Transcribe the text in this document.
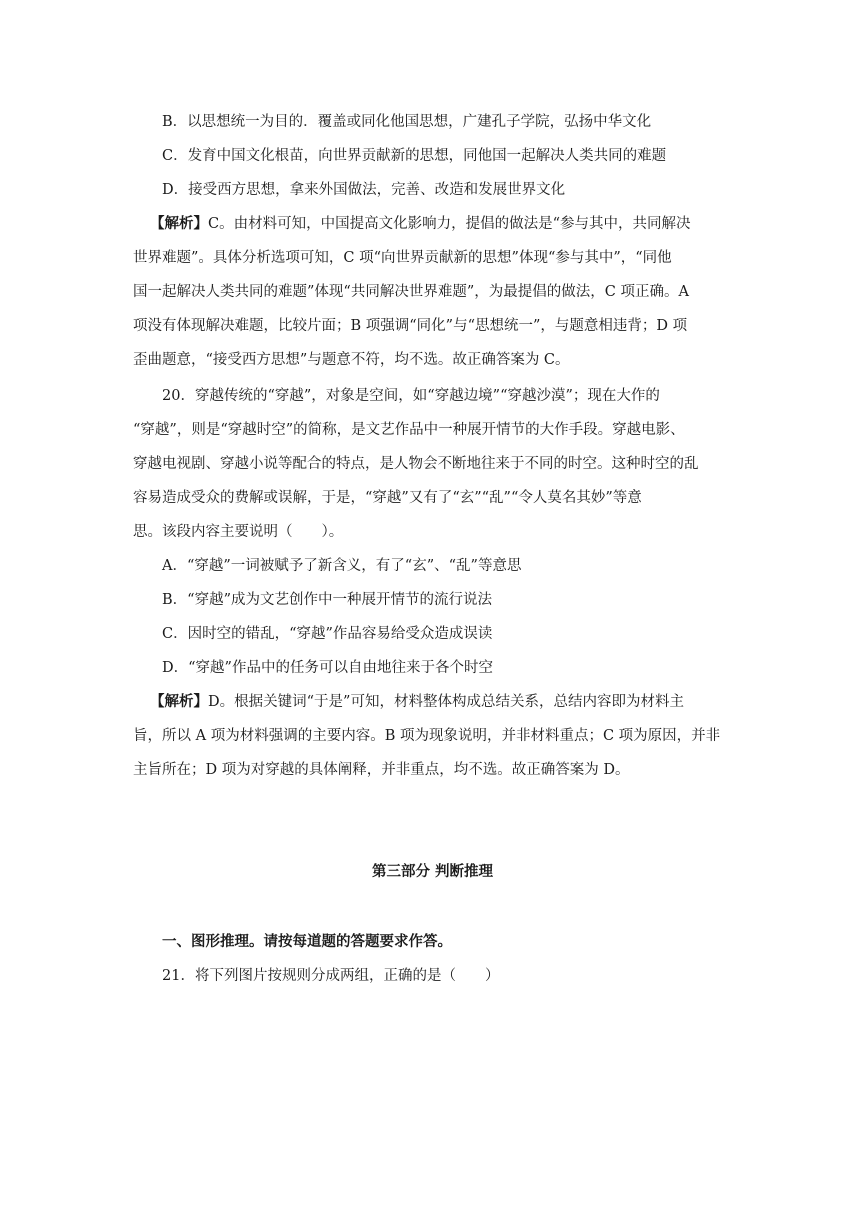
B．以思想统一为目的．覆盖或同化他国思想，广建孔子学院，弘扬中华文化
C．发育中国文化根苗，向世界贡献新的思想，同他国一起解决人类共同的难题
D．接受西方思想，拿来外国做法，完善、改造和发展世界文化
【解析】C。由材料可知，中国提高文化影响力，提倡的做法是“参与其中，共同解决
世界难题”。具体分析选项可知，C 项“向世界贡献新的思想”体现“参与其中”，“同他
国一起解决人类共同的难题”体现“共同解决世界难题”，为最提倡的做法，C 项正确。A
项没有体现解决难题，比较片面；B 项强调“同化”与“思想统一”，与题意相违背；D 项
歪曲题意，“接受西方思想”与题意不符，均不选。故正确答案为 C。
20．穿越传统的“穿越”，对象是空间，如“穿越边境”“穿越沙漠”；现在大作的
“穿越”，则是“穿越时空”的简称，是文艺作品中一种展开情节的大作手段。穿越电影、
穿越电视剧、穿越小说等配合的特点，是人物会不断地往来于不同的时空。这种时空的乱
容易造成受众的费解或误解，于是，“穿越”又有了“玄”“乱”“令人莫名其妙”等意
思。该段内容主要说明（　　）。
A．“穿越”一词被赋予了新含义，有了“玄”、“乱”等意思
B．“穿越”成为文艺创作中一种展开情节的流行说法
C．因时空的错乱，“穿越”作品容易给受众造成误读
D．“穿越”作品中的任务可以自由地往来于各个时空
【解析】D。根据关键词“于是”可知，材料整体构成总结关系，总结内容即为材料主
旨，所以 A 项为材料强调的主要内容。B 项为现象说明，并非材料重点；C 项为原因，并非
主旨所在；D 项为对穿越的具体阐释，并非重点，均不选。故正确答案为 D。
第三部分 判断推理
一、图形推理。请按每道题的答题要求作答。
21．将下列图片按规则分成两组，正确的是（　　）
